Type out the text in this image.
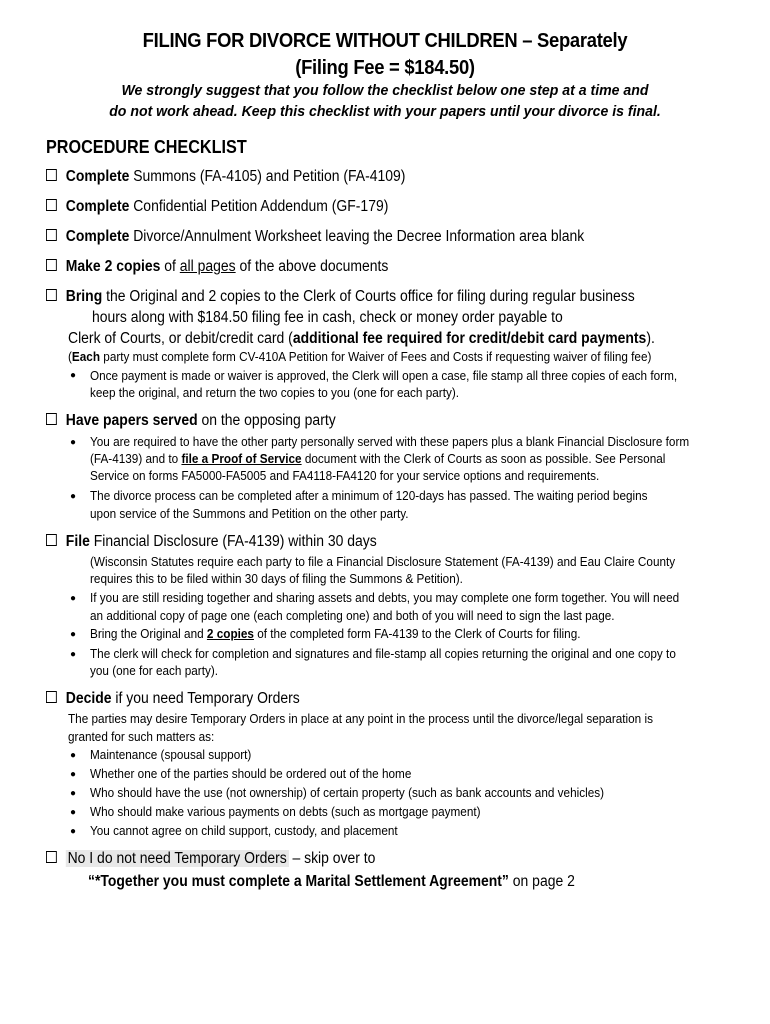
FILING FOR DIVORCE WITHOUT CHILDREN – Separately
(Filing Fee = $184.50)
We strongly suggest that you follow the checklist below one step at a time and
do not work ahead. Keep this checklist with your papers until your divorce is final.
PROCEDURE CHECKLIST
Complete Summons (FA-4105) and Petition (FA-4109)
Complete Confidential Petition Addendum (GF-179)
Complete Divorce/Annulment Worksheet leaving the Decree Information area blank
Make 2 copies of all pages of the above documents
Bring the Original and 2 copies to the Clerk of Courts office for filing during regular business
hours along with $184.50 filing fee in cash, check or money order payable to
Clerk of Courts, or debit/credit card (additional fee required for credit/debit card payments).
(Each party must complete form CV-410A Petition for Waiver of Fees and Costs if requesting waiver of filing fee)
● Once payment is made or waiver is approved, the Clerk will open a case, file stamp all three copies of each form,
keep the original, and return the two copies to you (one for each party).
Have papers served on the opposing party
● You are required to have the other party personally served with these papers plus a blank Financial Disclosure form
(FA-4139) and to file a Proof of Service document with the Clerk of Courts as soon as possible. See Personal
Service on forms FA5000-FA5005 and FA4118-FA4120 for your service options and requirements.
● The divorce process can be completed after a minimum of 120-days has passed. The waiting period begins
upon service of the Summons and Petition on the other party.
File Financial Disclosure (FA-4139) within 30 days
(Wisconsin Statutes require each party to file a Financial Disclosure Statement (FA-4139) and Eau Claire County
requires this to be filed within 30 days of filing the Summons & Petition).
● If you are still residing together and sharing assets and debts, you may complete one form together. You will need
an additional copy of page one (each completing one) and both of you will need to sign the last page.
● Bring the Original and 2 copies of the completed form FA-4139 to the Clerk of Courts for filing.
● The clerk will check for completion and signatures and file-stamp all copies returning the original and one copy to
you (one for each party).
Decide if you need Temporary Orders
The parties may desire Temporary Orders in place at any point in the process until the divorce/legal separation is
granted for such matters as:
● Maintenance (spousal support)
● Whether one of the parties should be ordered out of the home
● Who should have the use (not ownership) of certain property (such as bank accounts and vehicles)
● Who should make various payments on debts (such as mortgage payment)
● You cannot agree on child support, custody, and placement
No I do not need Temporary Orders – skip over to
“*Together you must complete a Marital Settlement Agreement” on page 2
